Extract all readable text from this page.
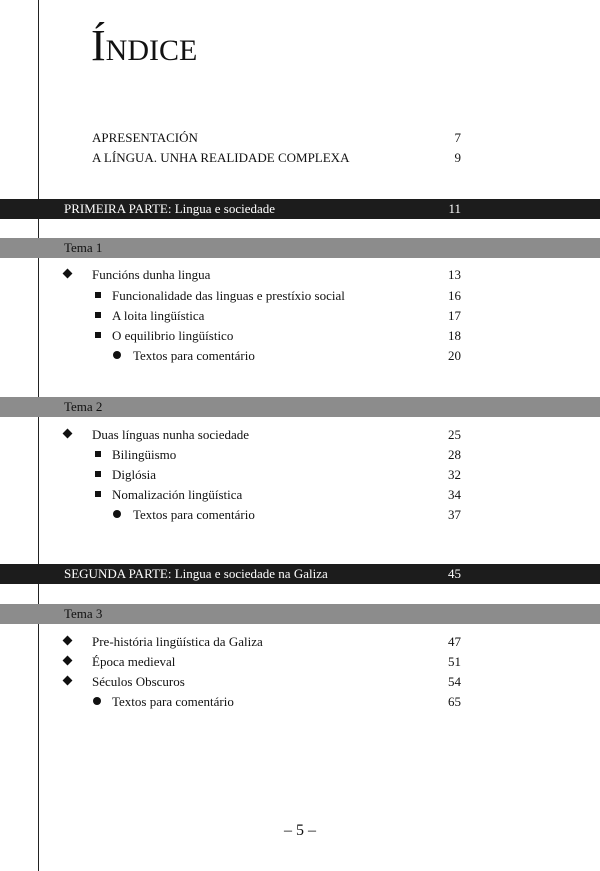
ÍNDICE
APRESENTACIÓN	7
A LÍNGUA. UNHA REALIDADE COMPLEXA	9
PRIMEIRA PARTE: Lingua e sociedade	11
Tema 1
Funcións dunha lingua	13
Funcionalidade das linguas e prestíxio social	16
A loita lingüística	17
O equilibrio lingüístico	18
Textos para comentário	20
Tema 2
Duas línguas nunha sociedade	25
Bilingüismo	28
Diglósia	32
Nomalización lingüística	34
Textos para comentário	37
SEGUNDA PARTE: Lingua e sociedade na Galiza	45
Tema 3
Pre-história lingüística da Galiza	47
Época medieval	51
Séculos Obscuros	54
Textos para comentário	65
– 5 –
